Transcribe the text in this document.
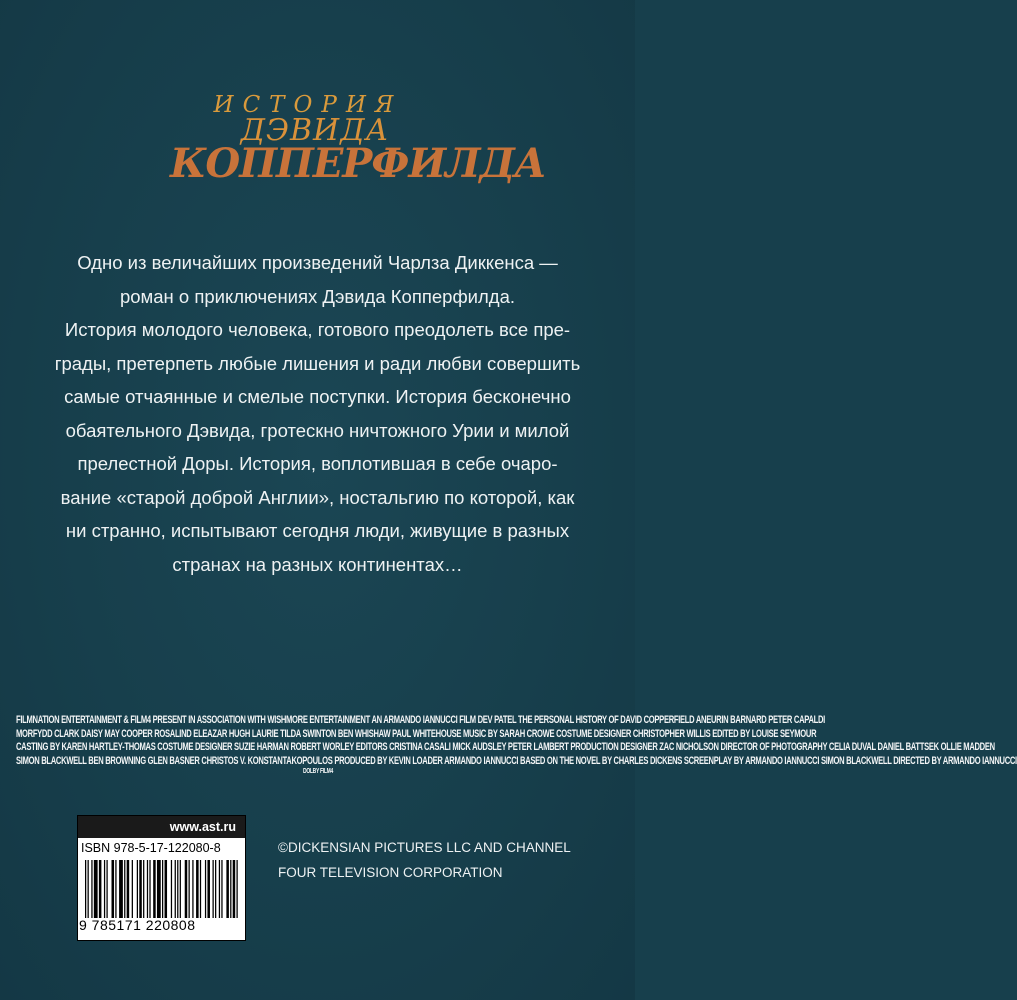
ИСТОРИЯ
ДЭВИДА
КОППЕРФИЛДА
Одно из величайших произведений Чарлза Диккенса —
роман о приключениях Дэвида Копперфилда.
История молодого человека, готового преодолеть все пре-
грады, претерпеть любые лишения и ради любви совершить
самые отчаянные и смелые поступки. История бесконечно
обаятельного Дэвида, гротескно ничтожного Урии и милой
прелестной Доры. История, воплотившая в себе очаро-
вание «старой доброй Англии», ностальгию по которой, как
ни странно, испытывают сегодня люди, живущие в разных
странах на разных континентах…
FILMNATION ENTERTAINMENT & FILM4 PRESENT IN ASSOCIATION WITH WISHMORE ENTERTAINMENT AN ARMANDO IANNUCCI FILM DEV PATEL THE PERSONAL HISTORY OF DAVID COPPERFIELD ANEURIN BARNARD PETER CAPALDI
MORFYDD CLARK DAISY MAY COOPER ROSALIND ELEAZAR HUGH LAURIE TILDA SWINTON BEN WHISHAW PAUL WHITEHOUSE MUSIC BY SARAH CROWE COSTUME DESIGNER CHRISTOPHER WILLIS EDITED BY LOUISE SEYMOUR
CASTING BY KAREN HARTLEY-THOMAS COSTUME DESIGNER SUZIE HARMAN ROBERT WORLEY EDITORS CRISTINA CASALI MICK AUDSLEY PETER LAMBERT PRODUCTION DESIGNER ZAC NICHOLSON DIRECTOR OF PHOTOGRAPHY CELIA DUVAL DANIEL BATTSEK OLLIE MADDEN
SIMON BLACKWELL BEN BROWNING GLEN BASNER CHRISTOS V. KONSTANTAKOPOULOS PRODUCED BY KEVIN LOADER ARMANDO IANNUCCI BASED ON THE NOVEL BY CHARLES DICKENS SCREENPLAY BY ARMANDO IANNUCCI SIMON BLACKWELL DIRECTED BY ARMANDO IANNUCCI
DOLBY FILM4
www.ast.ru
ISBN 978-5-17-122080-8
9 785171 220808
©DICKENSIAN PICTURES LLC AND CHANNEL
FOUR TELEVISION CORPORATION
